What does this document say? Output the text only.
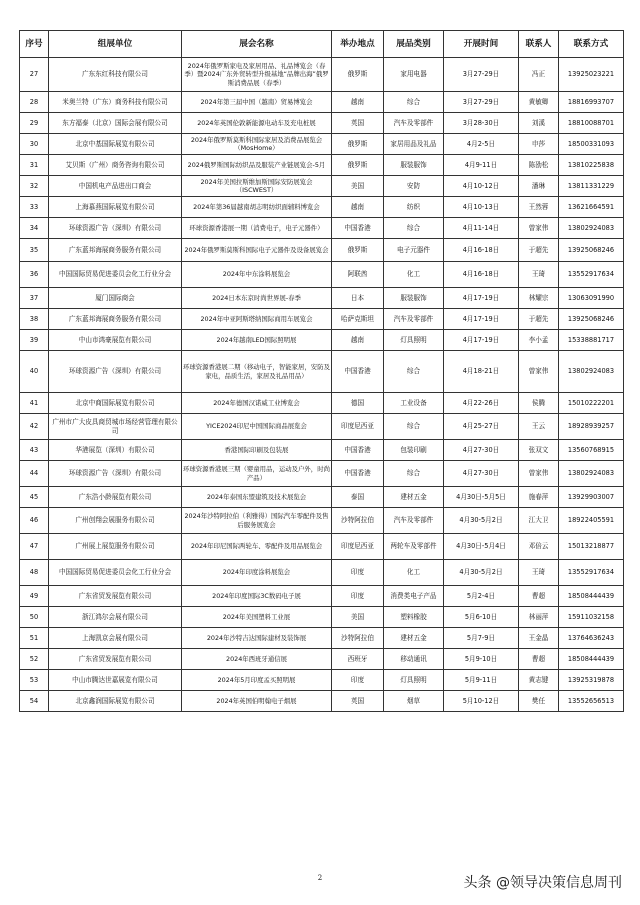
序号	组展单位	展会名称	举办地点	展品类别	开展时间	联系人	联系方式
27	广东东红科技有限公司	2024年俄罗斯家电及家居用品、礼品博览会（春季）暨2024广东外贸转型升级基地“品牌出海”俄罗斯消费品展（春季）	俄罗斯	家用电器	3月27-29日	冯正	13925023221
28	米奥兰特（广东）商务科技有限公司	2024年第三届中国（越南）贸易博览会	越南	综合	3月27-29日	黄敏卿	18816993707
29	东方福泰（北京）国际会展有限公司	2024年英国伦敦新能源电动车及充电桩展	英国	汽车及零部件	3月28-30日	刘溪	18810088701
30	北京中基国际展览有限公司	2024年俄罗斯莫斯科国际家居及消费品展览会（MosHome）	俄罗斯	家居用品及礼品	4月2-5日	申莎	18500331093
31	艾贝斯（广州）商务咨询有限公司	2024俄罗斯国际纺织品及服装产业链展览会-5月	俄罗斯	服装服饰	4月9-11日	陈劭松	13810225838
32	中国机电产品进出口商会	2024年美国拉斯维加斯国际安防展览会（ISCWEST）	美国	安防	4月10-12日	潘琳	13811331229
33	上海慕燕国际展览有限公司	2024年第36届越南胡志明纺织面辅料博览会	越南	纺织	4月10-13日	王然蓉	13621664591
34	环球资源广告（深圳）有限公司	环球资源香港展一期（消费电子，电子元器件）	中国香港	综合	4月11-14日	曾家伟	13802924083
35	广东蓝邦海展商务服务有限公司	2024年俄罗斯莫斯科国际电子元器件及设备展览会	俄罗斯	电子元器件	4月16-18日	于超先	13925068246
36	中国国际贸易促进委员会化工行业分会	2024年中东涂料展览会	阿联酋	化工	4月16-18日	王琦	13552917634
37	厦门国际商会	2024日本东京时尚世界展-春季	日本	服装服饰	4月17-19日	林耀宗	13063091990
38	广东蓝邦海展商务服务有限公司	2024年中亚阿斯塔纳国际商用车展览会	哈萨克斯坦	汽车及零部件	4月17-19日	于超先	13925068246
39	中山市鸿豪展览有限公司	2024年越南LED国际照明展	越南	灯具照明	4月17-19日	李小孟	15338881717
40	环球资源广告（深圳）有限公司	环球资源香港展二期（移动电子，智能家居，安防及家电，品质生活，家居及礼品用品）	中国香港	综合	4月18-21日	曾家伟	13802924083
41	北京中商国际展览有限公司	2024年德国汉诺威工业博览会	德国	工业设备	4月22-26日	侯腾	15010222201
42	广州市广大皮具商贸城市场经营管理有限公司	YICE2024印尼中国国际商品展览会	印度尼西亚	综合	4月25-27日	王云	18928939257
43	华港展览（深圳）有限公司	香港国际印刷及包装展	中国香港	包装印刷	4月27-30日	张双文	13560768915
44	环球资源广告（深圳）有限公司	环球资源香港展三期（婴童用品，运动及户外，时尚产品）	中国香港	综合	4月27-30日	曾家伟	13802924083
45	广东浩小龄展览有限公司	2024年泰国东盟建筑及技术展览会	泰国	建材五金	4月30日-5月5日	施春萍	13929903007
46	广州创翔会展服务有限公司	2024年沙特阿拉伯（利雅得）国际汽车零配件及售后服务展览会	沙特阿拉伯	汽车及零部件	4月30-5月2日	江大卫	18922405591
47	广州展上展览服务有限公司	2024年印尼国际两轮车、零配件及用品展览会	印度尼西亚	两轮车及零部件	4月30日-5月4日	邓倍云	15013218877
48	中国国际贸易促进委员会化工行业分会	2024年印度涂料展览会	印度	化工	4月30-5月2日	王琦	13552917634
49	广东省贸发展览有限公司	2024年印度国际3C数码电子展	印度	消费类电子产品	5月2-4日	曹超	18508444439
50	浙江鸿尔会展有限公司	2024年美国塑料工业展	美国	塑料橡胶	5月6-10日	林丽萍	15911032158
51	上海凯京会展有限公司	2024年沙特吉达国际建材及装饰展	沙特阿拉伯	建材五金	5月7-9日	王金晶	13764636243
52	广东省贸发展览有限公司	2024年西班牙通信展	西班牙	移动通讯	5月9-10日	曹超	18508444439
53	中山市腾达世嘉展览有限公司	2024年5月印度孟买照明展	印度	灯具照明	5月9-11日	黄志键	13925319878
54	北京鑫润国际展览有限公司	2024年英国伯明翰电子烟展	英国	烟草	5月10-12日	樊任	13552656513
2	头条 @领导决策信息周刊
